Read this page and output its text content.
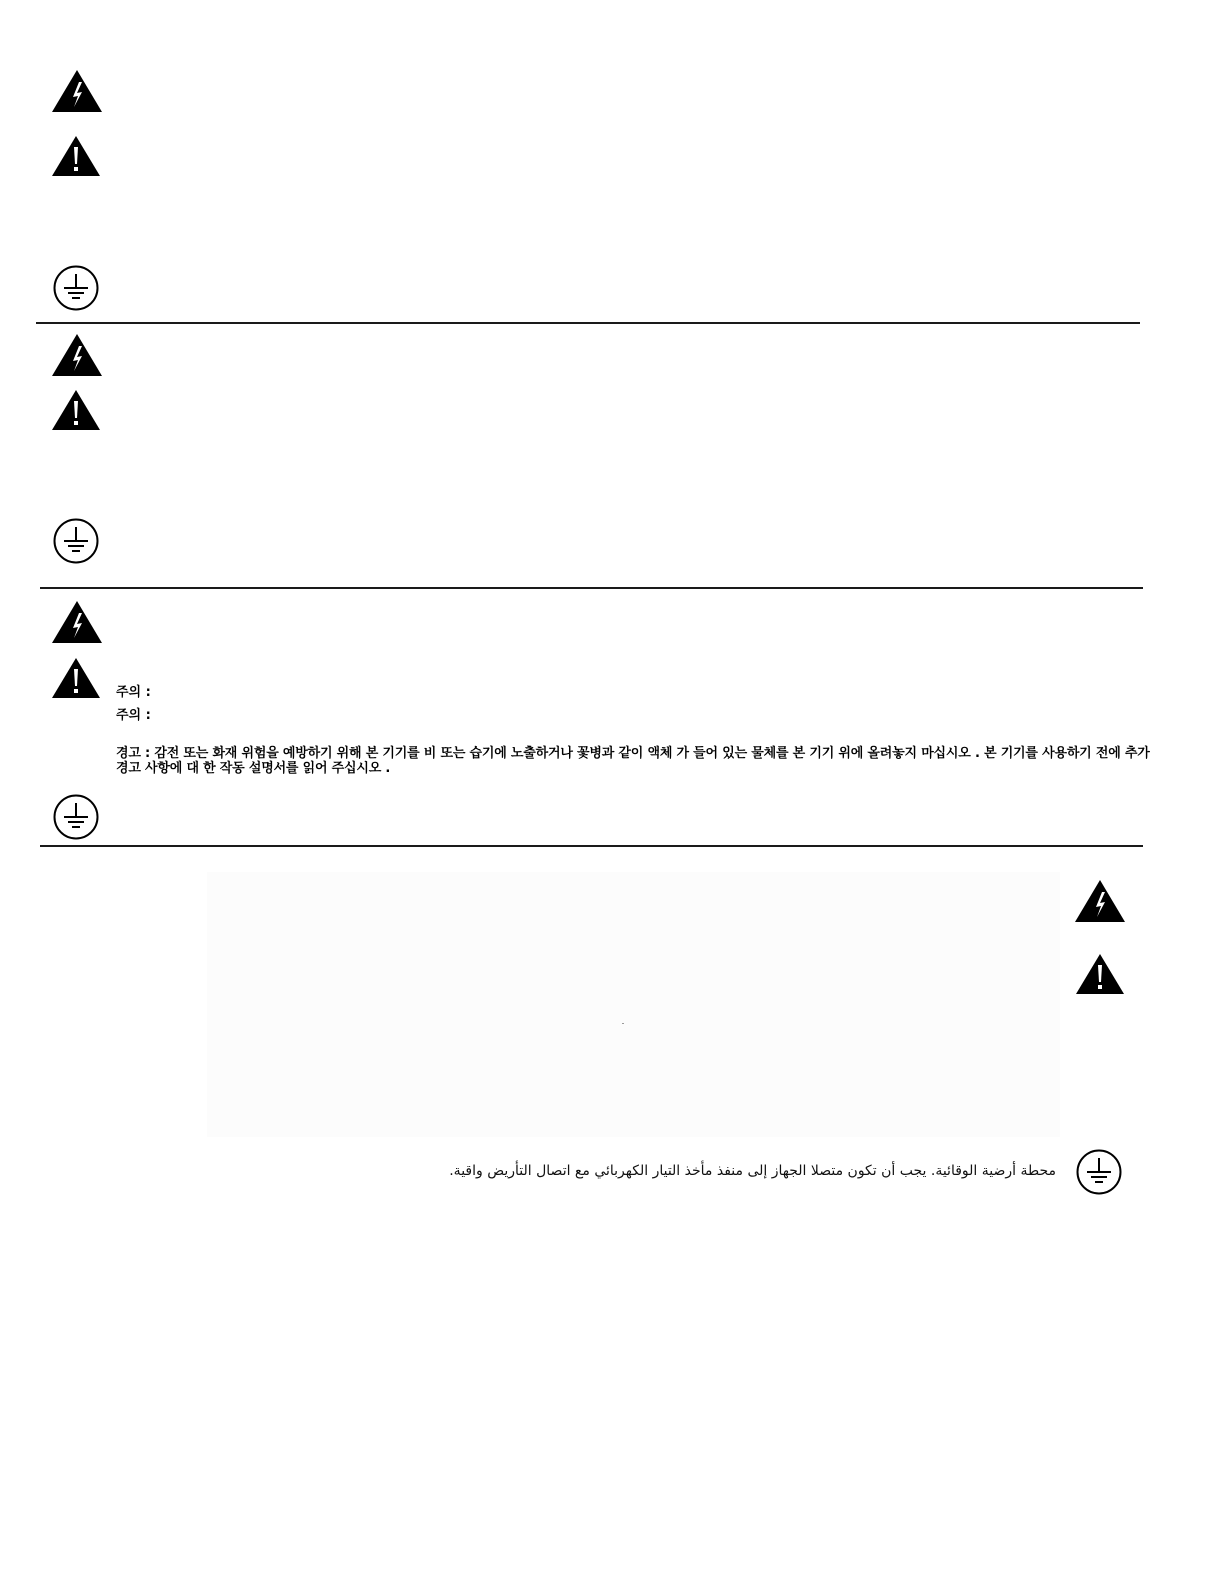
주의 :
주의 :
경고 : 감전 또는 화재 위험을 예방하기 위해 본 기기를 비 또는 습기에 노출하거나 꽃병과 같이 액체 가 들어 있는 물체를 본 기기 위에 올려놓지 마십시오 . 본 기기를 사용하기 전에 추가 경고 사항에 대 한 작동 설명서를 읽어 주십시오 .
محطة أرضية الوقائية. يجب أن تكون متصلا الجهاز إلى منفذ مأخذ التيار الكهربائي مع اتصال التأريض واقية.
